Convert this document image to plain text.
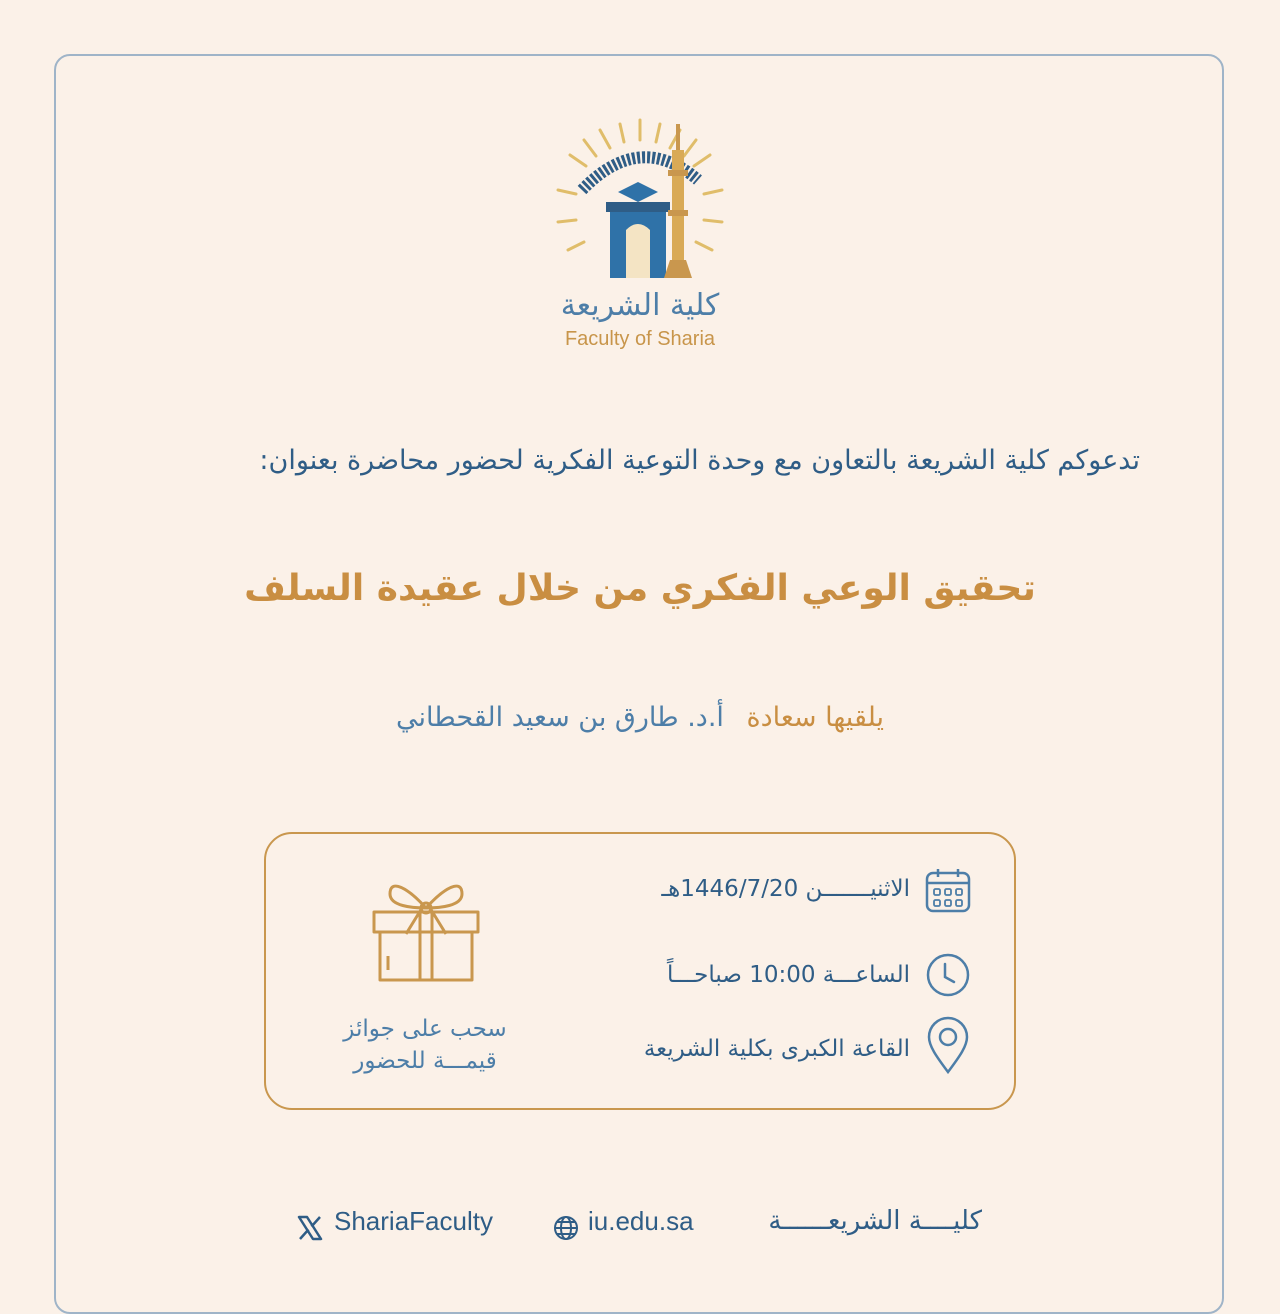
كلية الشريعة
Faculty of Sharia
تدعوكم كلية الشريعة بالتعاون مع وحدة التوعية الفكرية لحضور محاضرة بعنوان:
تحقيق الوعي الفكري من خلال عقيدة السلف
يلقيها سعادة أ.د. طارق بن سعيد القحطاني
الاثنيـــــــن 1446/7/20هـ
الساعـــة 10:00 صباحـــاً
القاعة الكبرى بكلية الشريعة
سحب على جوائز
قيمـــة للحضور
ShariaFaculty	iu.edu.sa	كليــــة الشريعــــــة
